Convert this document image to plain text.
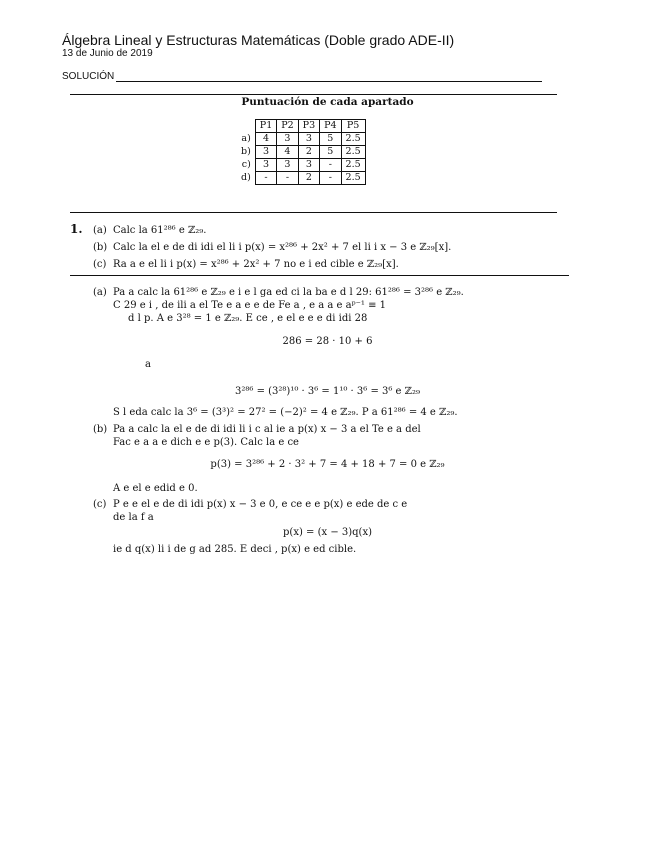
Álgebra Lineal y Estructuras Matemáticas (Doble grado ADE-II)
13 de Junio de 2019
SOLUCIÓN
Puntuación de cada apartado
	P1	P2	P3	P4	P5
a)	4	3	3	5	2.5
b)	3	4	2	5	2.5
c)	3	3	3	-	2.5
d)	-	-	2	-	2.5
1. (a) Calc la 61²⁸⁶ e ℤ₂₉.
(b) Calc la el e de di idi el li i p(x) = x²⁸⁶ + 2x² + 7 el li i x − 3 e ℤ₂₉[x].
(c) Ra a e el li i p(x) = x²⁸⁶ + 2x² + 7 no e i ed cible e ℤ₂₉[x].
(a) Pa a calc la 61²⁸⁶ e ℤ₂₉ e i e l ga ed ci la ba e d l 29: 61²⁸⁶ = 3²⁸⁶ e ℤ₂₉.
C 29 e i , de ili a el Te e a e e de Fe a , e a a e aᵖ⁻¹ ≡ 1
d l p. A e 3²⁸ = 1 e ℤ₂₉. E ce , e el e e e di idi 28
286 = 28 · 10 + 6
a
3²⁸⁶ = (3²⁸)¹⁰ · 3⁶ = 1¹⁰ · 3⁶ = 3⁶ e ℤ₂₉
S l eda calc la 3⁶ = (3³)² = 27² = (−2)² = 4 e ℤ₂₉. P a 61²⁸⁶ = 4 e ℤ₂₉.
(b) Pa a calc la el e de di idi li i c al ie a p(x) x − 3 a el Te e a del
Fac e a a e dich e e p(3). Calc la e ce
p(3) = 3²⁸⁶ + 2 · 3² + 7 = 4 + 18 + 7 = 0 e ℤ₂₉
A e el e edid e 0.
(c) P e e el e de di idi p(x) x − 3 e 0, e ce e e p(x) e ede de c e
de la f a
p(x) = (x − 3)q(x)
ie d q(x) li i de g ad 285. E deci , p(x) e ed cible.
